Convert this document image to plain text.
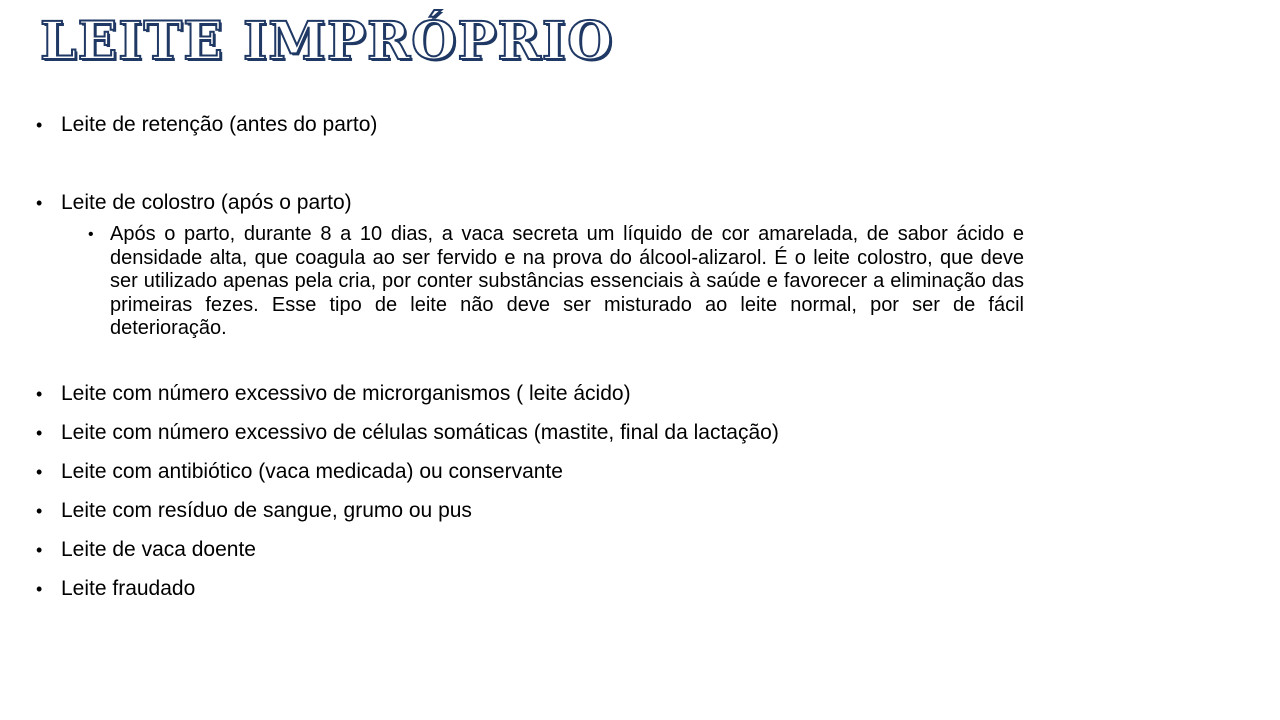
LEITE IMPRÓPRIO
• Leite de retenção (antes do parto)
• Leite de colostro (após o parto)
• Após o parto, durante 8 a 10 dias, a vaca secreta um líquido de cor amarelada, de sabor ácido e densidade alta, que coagula ao ser fervido e na prova do álcool-alizarol. É o leite colostro, que deve ser utilizado apenas pela cria, por conter substâncias essenciais à saúde e favorecer a eliminação das primeiras fezes. Esse tipo de leite não deve ser misturado ao leite normal, por ser de fácil deterioração.
• Leite com número excessivo de microrganismos ( leite ácido)
• Leite com número excessivo de células somáticas (mastite, final da lactação)
• Leite com antibiótico (vaca medicada) ou conservante
• Leite com resíduo de sangue, grumo ou pus
• Leite de vaca doente
• Leite fraudado
